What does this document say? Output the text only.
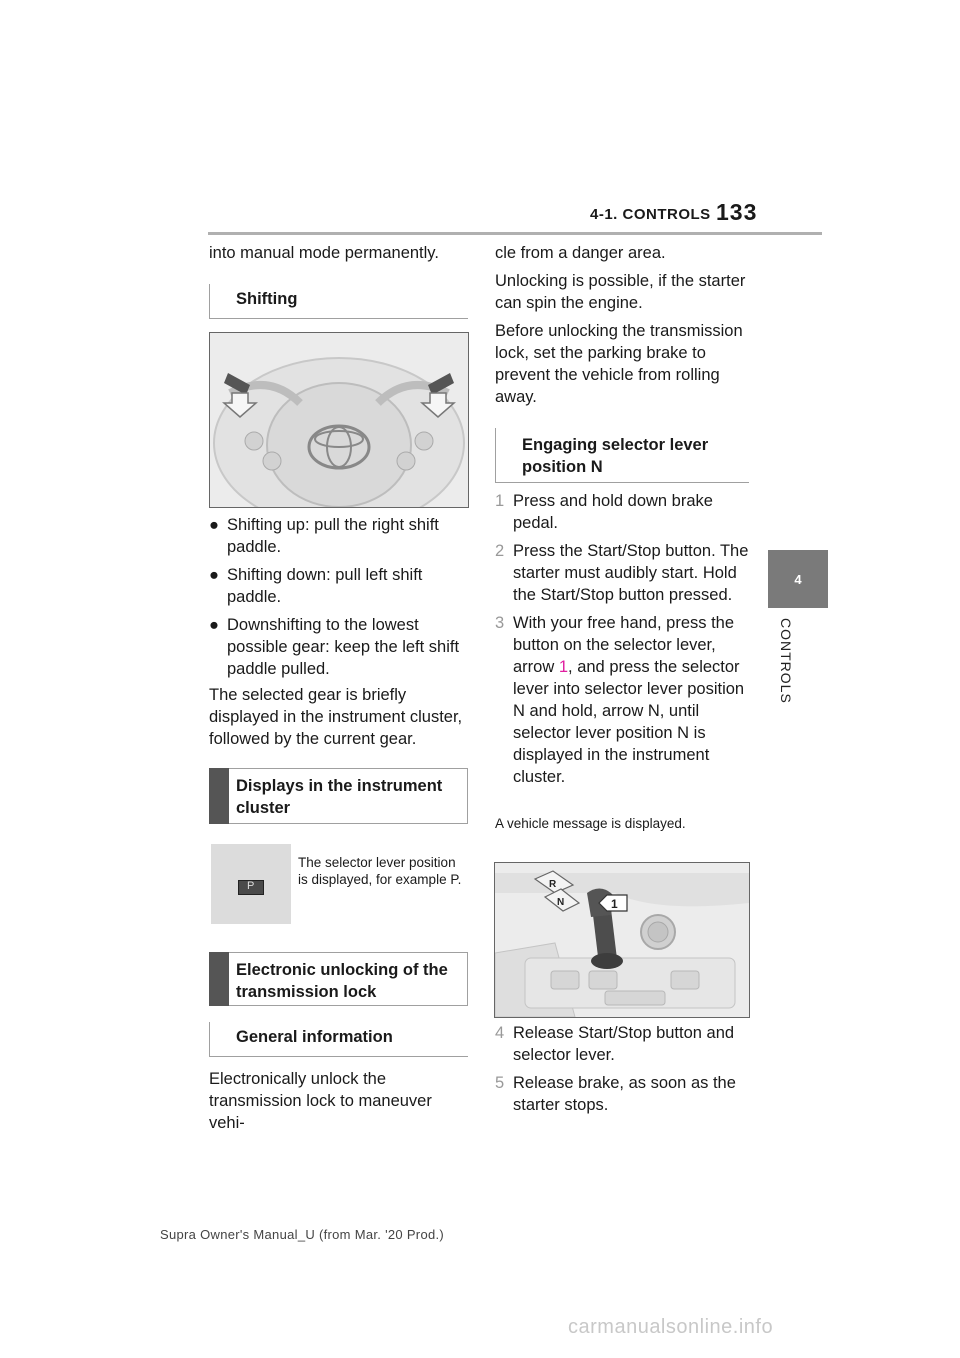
4-1. CONTROLS 133
4
CONTROLS

into manual mode permanently.

Shifting
● Shifting up: pull the right shift paddle.
● Shifting down: pull left shift paddle.
● Downshifting to the lowest possible gear: keep the left shift paddle pulled.

The selected gear is briefly displayed in the instrument cluster, followed by the current gear.

Displays in the instrument cluster
P

The selector lever position is displayed, for example P.

Electronic unlocking of the transmission lock
General information

Electronically unlock the transmission lock to maneuver vehi-

cle from a danger area.

Unlocking is possible, if the starter can spin the engine.

Before unlocking the transmission lock, set the parking brake to prevent the vehicle from rolling away.

Engaging selector lever position N
1 Press and hold down brake pedal.
2 Press the Start/Stop button. The starter must audibly start. Hold the Start/Stop button pressed.
3 With your free hand, press the button on the selector lever, arrow 1, and press the selector lever into selector lever position N and hold, arrow N, until selector lever position N is displayed in the instrument cluster.

A vehicle message is displayed.

R
N	1
4 Release Start/Stop button and selector lever.
5 Release brake, as soon as the starter stops.
Supra Owner's Manual_U (from Mar. '20 Prod.)
carmanualsonline.info
